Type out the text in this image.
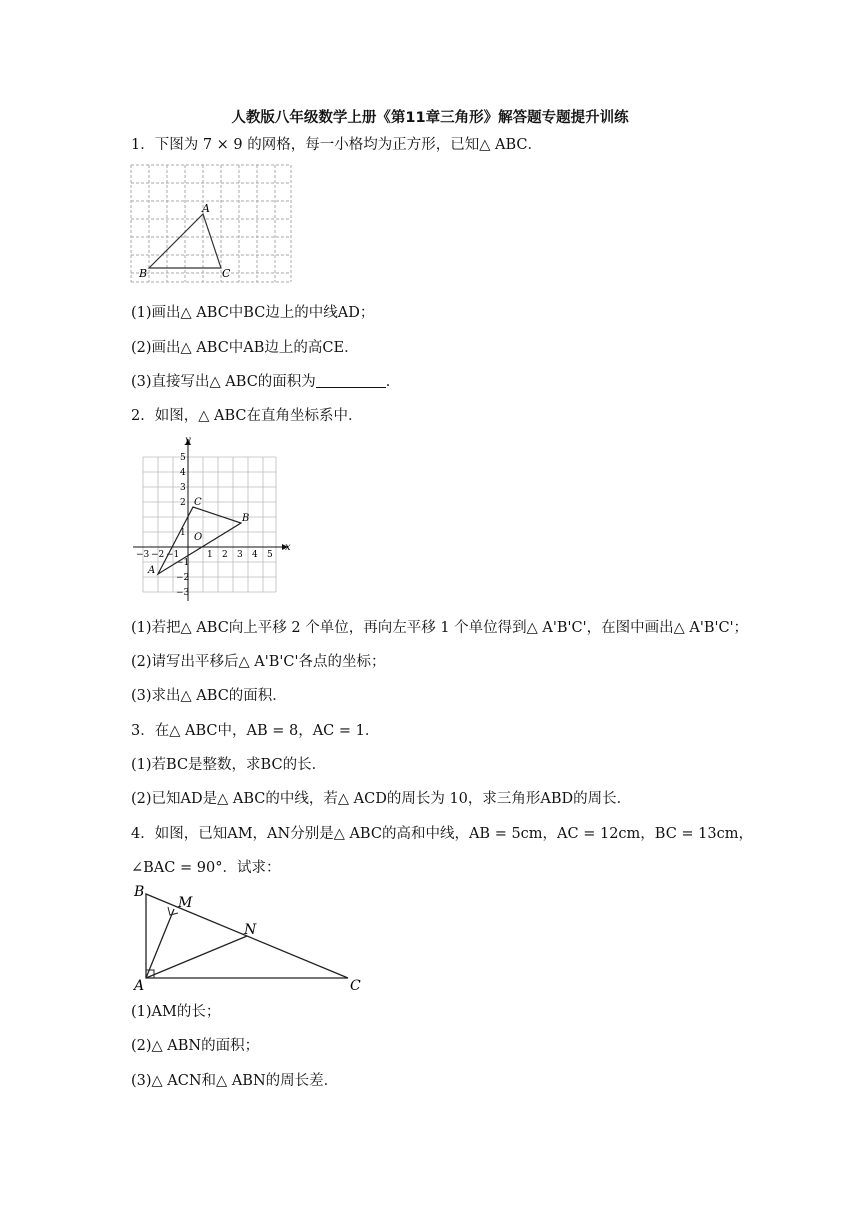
人教版八年级数学上册《第11章三角形》解答题专题提升训练
1．下图为 7 × 9 的网格，每一小格均为正方形，已知△ ABC．
A
B	C
(1)画出△ ABC中BC边上的中线AD；
(2)画出△ ABC中AB边上的高CE．
(3)直接写出△ ABC的面积为	．
2．如图，△ ABC在直角坐标系中．
x
y
O
−3 −2 −1	1 2 3 4 5
5
4
3
2
1
−1
−2
−3
A
B
C
(1)若把△ ABC向上平移 2 个单位，再向左平移 1 个单位得到△ A'B'C'，在图中画出△ A'B'C'；
(2)请写出平移后△ A'B'C'各点的坐标；
(3)求出△ ABC的面积．
3．在△ ABC中，AB = 8，AC = 1．
(1)若BC是整数，求BC的长．
(2)已知AD是△ ABC的中线，若△ ACD的周长为 10，求三角形ABD的周长．
4．如图，已知AM，AN分别是△ ABC的高和中线，AB = 5cm，AC = 12cm，BC = 13cm，
∠BAC = 90°．试求：
B
M
N
A	C
(1)AM的长；
(2)△ ABN的面积；
(3)△ ACN和△ ABN的周长差．
